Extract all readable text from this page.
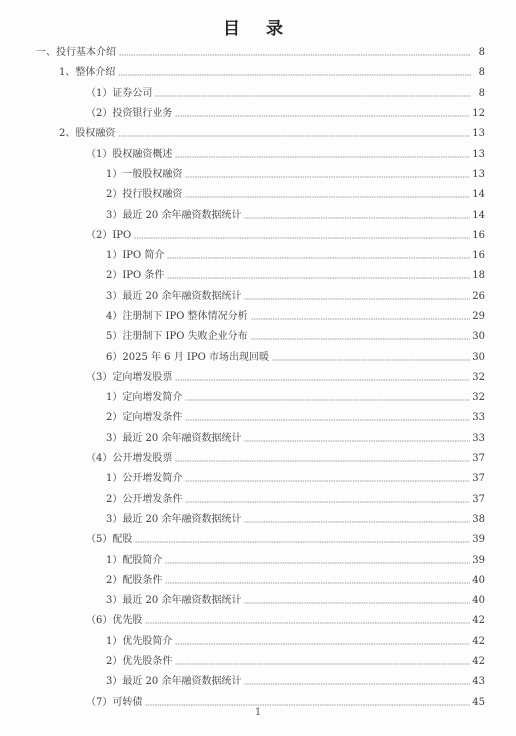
目 录
一、投行基本介绍	8
1、整体介绍	8
（1）证券公司	8
（2）投资银行业务	12
2、股权融资	13
（1）股权融资概述	13
1）一般股权融资	13
2）投行股权融资	14
3）最近 20 余年融资数据统计	14
（2）IPO	16
1）IPO 简介	16
2）IPO 条件	18
3）最近 20 余年融资数据统计	26
4）注册制下 IPO 整体情况分析	29
5）注册制下 IPO 失败企业分布	30
6）2025 年 6 月 IPO 市场出现回暖	30
（3）定向增发股票	32
1）定向增发简介	32
2）定向增发条件	33
3）最近 20 余年融资数据统计	33
（4）公开增发股票	37
1）公开增发简介	37
2）公开增发条件	37
3）最近 20 余年融资数据统计	38
（5）配股	39
1）配股简介	39
2）配股条件	40
3）最近 20 余年融资数据统计	40
（6）优先股	42
1）优先股简介	42
2）优先股条件	42
3）最近 20 余年融资数据统计	43
（7）可转债	45
1
